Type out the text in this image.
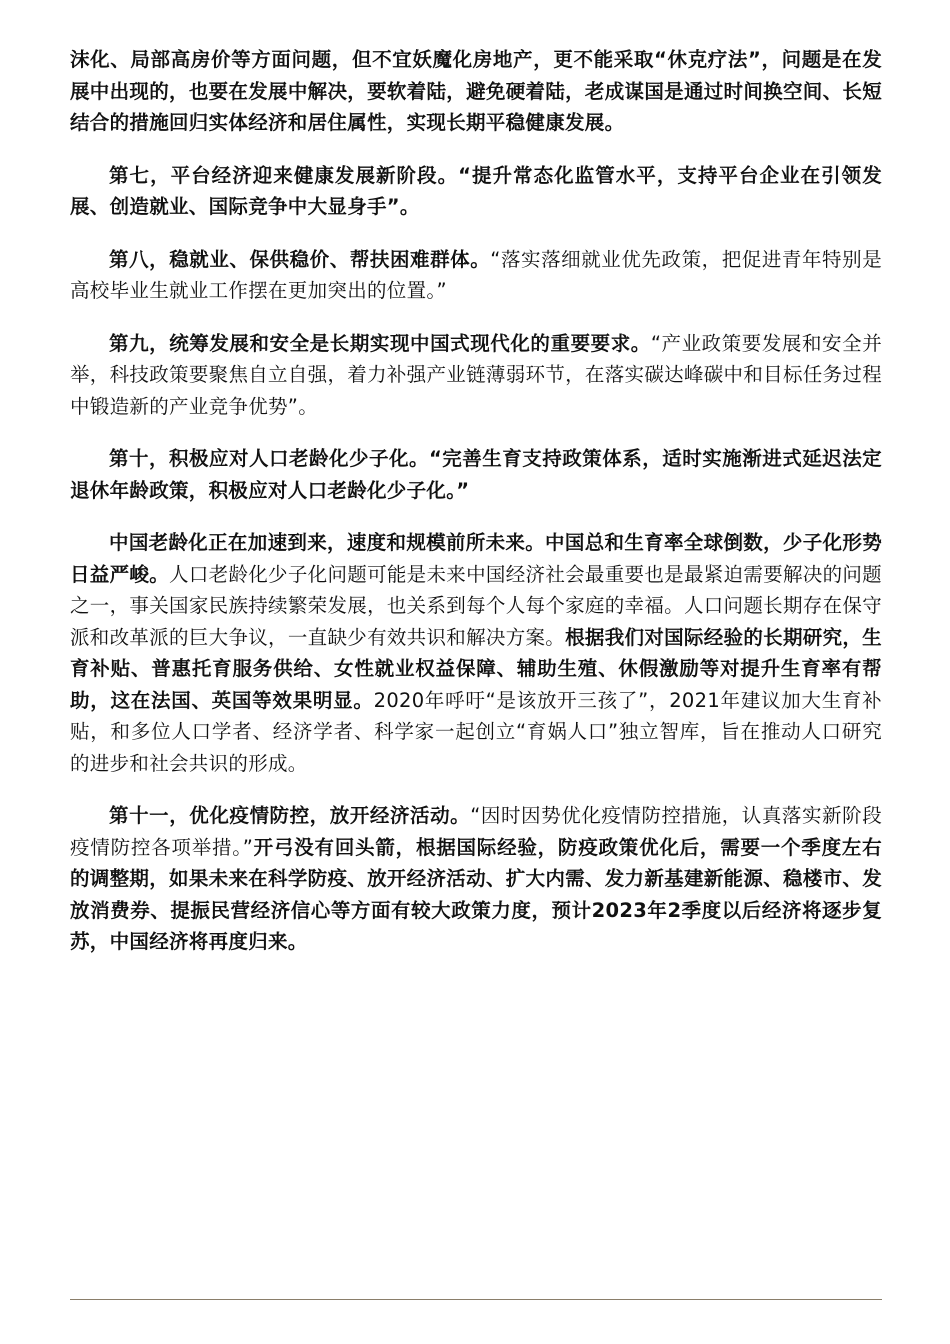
沫化、局部高房价等方面问题，但不宜妖魔化房地产，更不能采取“休克疗法”，问题是在发展中出现的，也要在发展中解决，要软着陆，避免硬着陆，老成谋国是通过时间换空间、长短结合的措施回归实体经济和居住属性，实现长期平稳健康发展。

第七，平台经济迎来健康发展新阶段。“提升常态化监管水平，支持平台企业在引领发展、创造就业、国际竞争中大显身手”。

第八，稳就业、保供稳价、帮扶困难群体。“落实落细就业优先政策，把促进青年特别是高校毕业生就业工作摆在更加突出的位置。”

第九，统筹发展和安全是长期实现中国式现代化的重要要求。“产业政策要发展和安全并举，科技政策要聚焦自立自强，着力补强产业链薄弱环节，在落实碳达峰碳中和目标任务过程中锻造新的产业竞争优势”。

第十，积极应对人口老龄化少子化。“完善生育支持政策体系，适时实施渐进式延迟法定退休年龄政策，积极应对人口老龄化少子化。”

中国老龄化正在加速到来，速度和规模前所未来。中国总和生育率全球倒数，少子化形势日益严峻。人口老龄化少子化问题可能是未来中国经济社会最重要也是最紧迫需要解决的问题之一，事关国家民族持续繁荣发展，也关系到每个人每个家庭的幸福。人口问题长期存在保守派和改革派的巨大争议，一直缺少有效共识和解决方案。根据我们对国际经验的长期研究，生育补贴、普惠托育服务供给、女性就业权益保障、辅助生殖、休假激励等对提升生育率有帮助，这在法国、英国等效果明显。2020年呼吁“是该放开三孩了”，2021年建议加大生育补贴，和多位人口学者、经济学者、科学家一起创立“育娲人口”独立智库，旨在推动人口研究的进步和社会共识的形成。

第十一，优化疫情防控，放开经济活动。“因时因势优化疫情防控措施，认真落实新阶段疫情防控各项举措。”开弓没有回头箭，根据国际经验，防疫政策优化后，需要一个季度左右的调整期，如果未来在科学防疫、放开经济活动、扩大内需、发力新基建新能源、稳楼市、发放消费券、提振民营经济信心等方面有较大政策力度，预计2023年2季度以后经济将逐步复苏，中国经济将再度归来。
